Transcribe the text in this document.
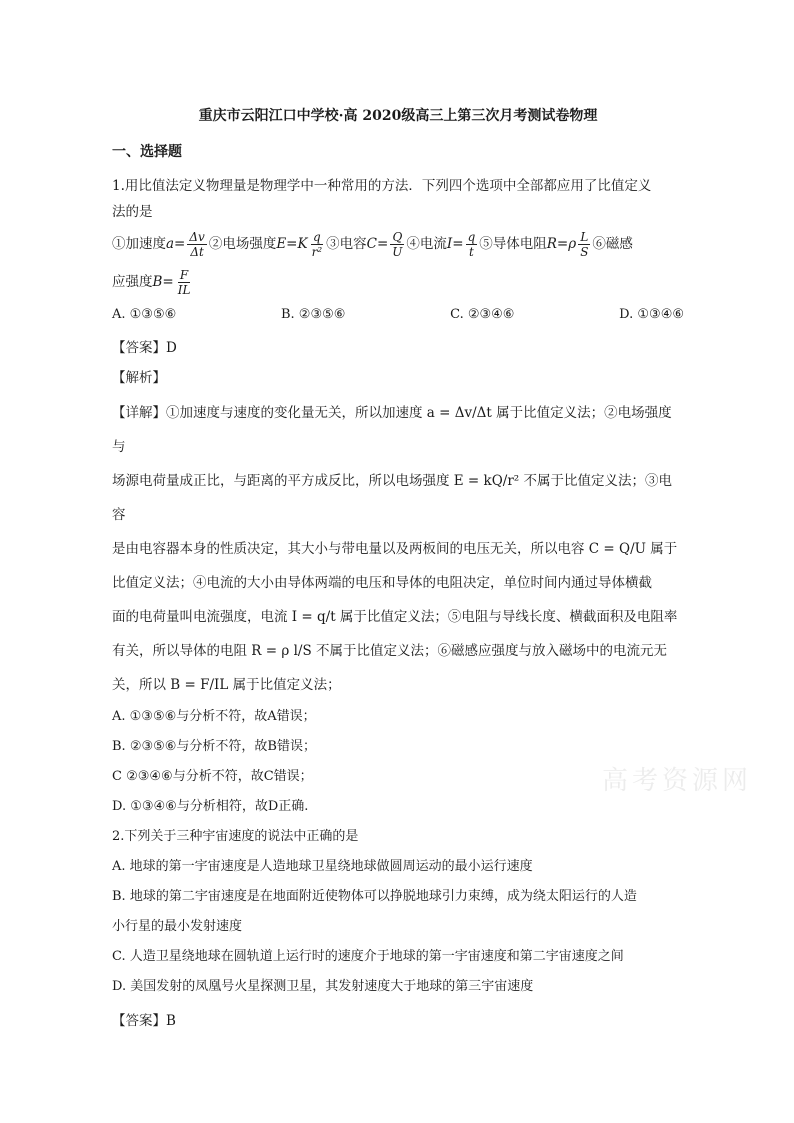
高考资源网
重庆市云阳江口中学校·高 2020级高三上第三次月考测试卷物理
一、选择题

1.用比值法定义物理量是物理学中一种常用的方法．下列四个选项中全部都应用了比值定义

法的是

①加速度 $a= \frac{\Delta v}{\Delta t}$ ②电场强度 $E=K \frac{q}{\text{r²}}$ ③电容 $C= \frac{Q}{U}$ ④电流 $I= \frac{q}{t}$ ⑤导体电阻 $R=\rho \frac{L}{S}$ ⑥磁感
应强度 $B= \frac{F}{IL}$
A. ①③⑤⑥	B. ②③⑤⑥	C. ②③④⑥	D. ①③④⑥
【答案】D
【解析】
【详解】①加速度与速度的变化量无关，所以加速度 a = Δv/Δt 属于比值定义法；②电场强度与
场源电荷量成正比，与距离的平方成反比，所以电场强度 E = kQ/r² 不属于比值定义法；③电容
是由电容器本身的性质决定，其大小与带电量以及两板间的电压无关，所以电容 C = Q/U 属于
比值定义法；④电流的大小由导体两端的电压和导体的电阻决定，单位时间内通过导体横截
面的电荷量叫电流强度，电流 I = q/t 属于比值定义法；⑤电阻与导线长度、横截面积及电阻率
有关，所以导体的电阻 R = ρ l/S 不属于比值定义法；⑥磁感应强度与放入磁场中的电流元无
关，所以 B = F/IL 属于比值定义法；
A. ①③⑤⑥与分析不符，故A错误；
B. ②③⑤⑥与分析不符，故B错误；
C ②③④⑥与分析不符，故C错误；
D. ①③④⑥与分析相符，故D正确.
2.下列关于三种宇宙速度的说法中正确的是
A. 地球的第一宇宙速度是人造地球卫星绕地球做圆周运动的最小运行速度
B. 地球的第二宇宙速度是在地面附近使物体可以挣脱地球引力束缚，成为绕太阳运行的人造
小行星的最小发射速度
C. 人造卫星绕地球在圆轨道上运行时的速度介于地球的第一宇宙速度和第二宇宙速度之间
D. 美国发射的凤凰号火星探测卫星，其发射速度大于地球的第三宇宙速度
【答案】B
